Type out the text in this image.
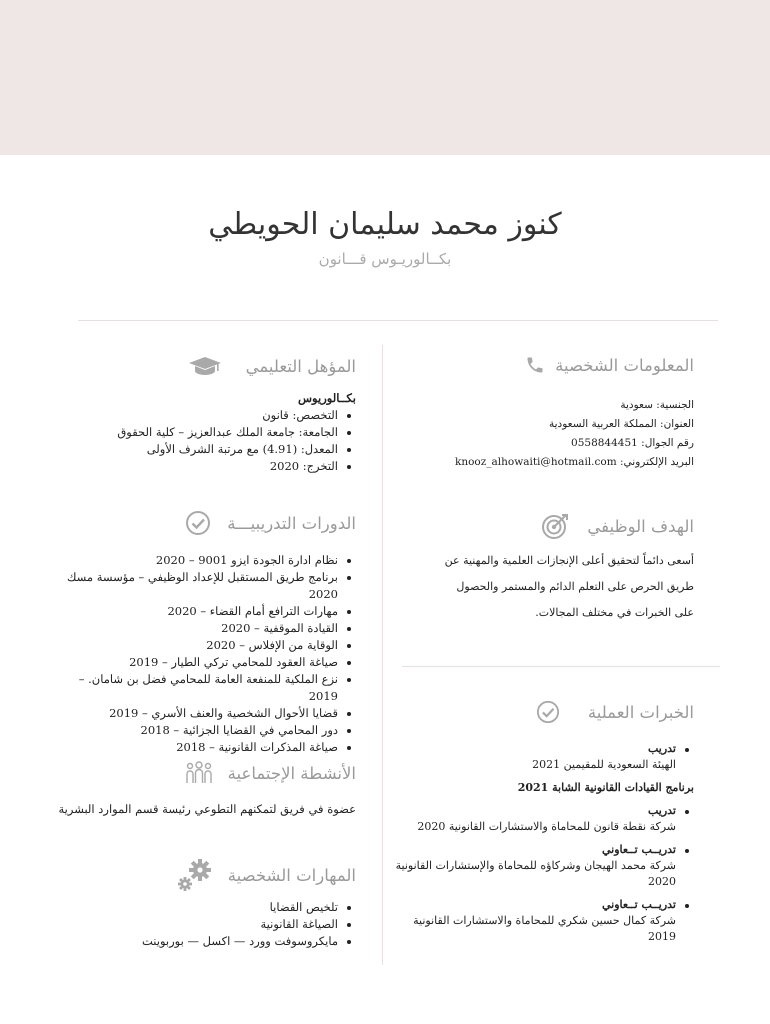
كنوز محمد سليمان الحويطي
بكــالوريـوس قـــانون
المعلومات الشخصية
الجنسية: سعودية
العنوان: المملكة العربية السعودية
رقم الجوال: 0558844451
البريد الإلكتروني: knooz_alhowaiti@hotmail.com
المؤهل التعليمي
بكــالوريوس
التخصص: قانون
الجامعة: جامعة الملك عبدالعزيز – كلية الحقوق
المعدل: (4.91) مع مرتبة الشرف الأولى
التخرج: 2020
الهدف الوظيفي
أسعى دائماً لتحقيق أعلى الإنجازات العلمية والمهنية عن
طريق الحرص على التعلم الدائم والمستمر والحصول
على الخبرات في مختلف المجالات.
الدورات التدريبيـــة
نظام ادارة الجودة ايزو 9001 – 2020
برنامج طريق المستقبل للإعداد الوظيفي – مؤسسة مسك 2020
مهارات الترافع أمام القضاء – 2020
القيادة الموقفية – 2020
الوقاية من الإفلاس – 2020
صياغة العقود للمحامي تركي الطيار – 2019
نزع الملكية للمنفعة العامة للمحامي فضل بن شامان. – 2019
قضايا الأحوال الشخصية والعنف الأسري – 2019
دور المحامي في القضايا الجزائية – 2018
صياغة المذكرات القانونية – 2018
الخبرات العملية
تدريب
الهيئة السعودية للمقيمين 2021
برنامج القيادات القانونية الشابة 2021
تدريب
شركة نقطة قانون للمحاماة والاستشارات القانونية 2020
تدريــب تــعاوني
شركة محمد الهيجان وشركاؤه للمحاماة والإستشارات القانونية
2020
تدريــب تــعاوني
شركة كمال حسين شكري للمحاماة والاستشارات القانونية
2019
الأنشطة الإجتماعية
عضوة في فريق لتمكنهم التطوعي رئيسة قسم الموارد البشرية
المهارات الشخصية
تلخيص القضايا
الصياغة القانونية
مايكروسوفت وورد — اكسل — بوربوينت
